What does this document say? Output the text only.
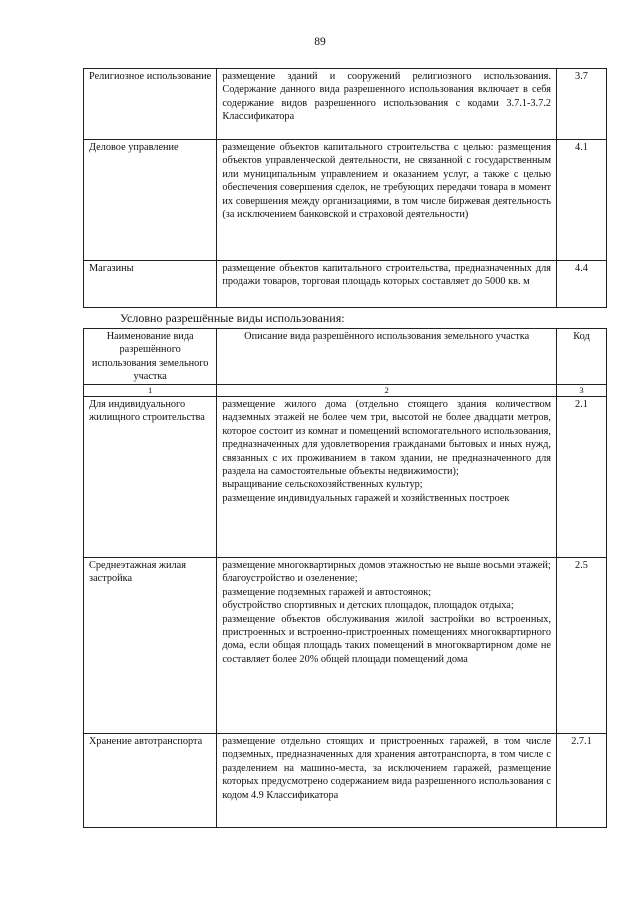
89
Религиозное использование	размещение зданий и сооружений религиозного использования. Содержание данного вида разрешенного использования включает в себя содержание видов разрешенного использования с кодами 3.7.1-3.7.2 Классификатора	3.7
Деловое управление	размещение объектов капитального строительства с целью: размещения объектов управленческой деятельности, не связанной с государственным или муниципальным управлением и оказанием услуг, а также с целью обеспечения совершения сделок, не требующих передачи товара в момент их совершения между организациями, в том числе биржевая деятельность (за исключением банковской и страховой деятельности)	4.1
Магазины	размещение объектов капитального строительства, предназначенных для продажи товаров, торговая площадь которых составляет до 5000 кв. м	4.4
Условно разрешённые виды использования:
Наименование вида разрешённого использования земельного участка	Описание вида разрешённого использования земельного участка	Код
1	2	3
Для индивидуального жилищного строительства	размещение жилого дома (отдельно стоящего здания количеством надземных этажей не более чем три, высотой не более двадцати метров, которое состоит из комнат и помещений вспомогательного использования, предназначенных для удовлетворения гражданами бытовых и иных нужд, связанных с их проживанием в таком здании, не предназначенного для раздела на самостоятельные объекты недвижимости);
выращивание сельскохозяйственных культур;
размещение индивидуальных гаражей и хозяйственных построек	2.1
Среднеэтажная жилая застройка	размещение многоквартирных домов этажностью не выше восьми этажей;
благоустройство и озеленение;
размещение подземных гаражей и автостоянок;
обустройство спортивных и детских площадок, площадок отдыха;
размещение объектов обслуживания жилой застройки во встроенных, пристроенных и встроенно-пристроенных помещениях многоквартирного дома, если общая площадь таких помещений в многоквартирном доме не составляет более 20% общей площади помещений дома	2.5
Хранение автотранспорта	размещение отдельно стоящих и пристроенных гаражей, в том числе подземных, предназначенных для хранения автотранспорта, в том числе с разделением на машино-места, за исключением гаражей, размещение которых предусмотрено содержанием вида разрешенного использования с кодом 4.9 Классификатора	2.7.1
